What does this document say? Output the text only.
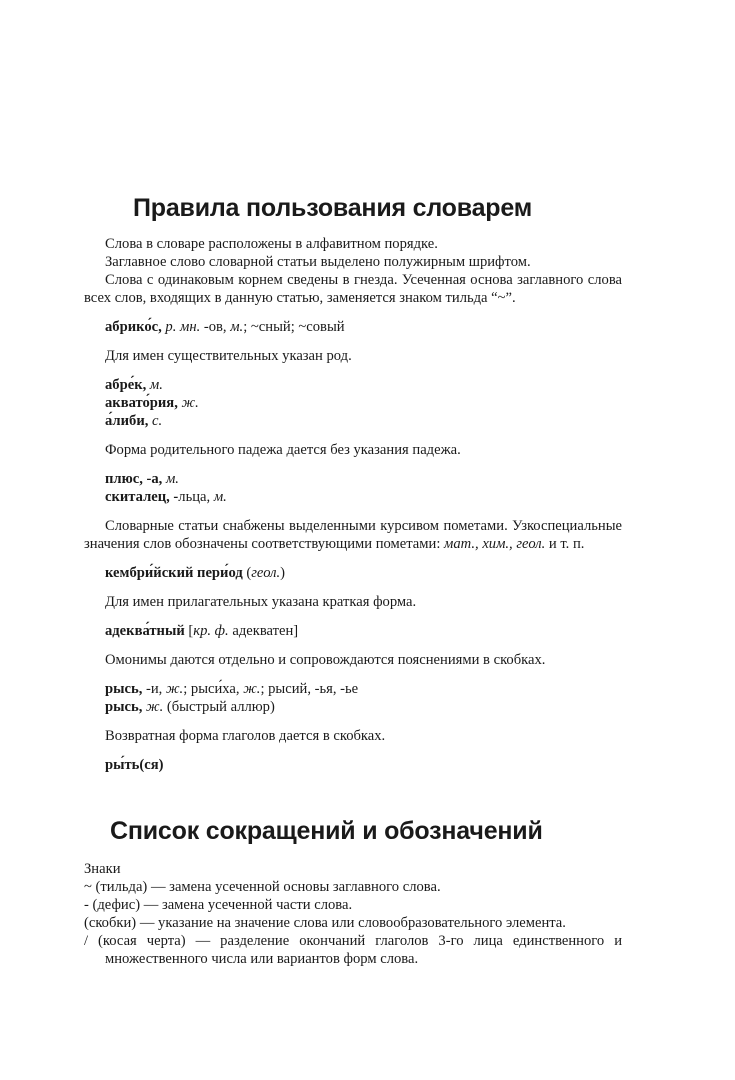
Правила пользования словарем

Слова в словаре расположены в алфавитном порядке.

Заглавное слово словарной статьи выделено полужирным шрифтом.

Слова с одинаковым корнем сведены в гнезда. Усеченная основа заглавного слова всех слов, входящих в данную статью, заменяется знаком тильда “~”.

абрико́с, р. мн. -ов, м.; ~сный; ~совый

Для имен существительных указан род.

абре́к, м.

аквато́рия, ж.

а́либи, с.

Форма родительного падежа дается без указания падежа.

плюс, -а, м.

скиталец, -льца, м.

Словарные статьи снабжены выделенными курсивом пометами. Узкоспециальные значения слов обозначены соответствующими пометами: мат., хим., геол. и т. п.

кембри́йский пери́од (геол.)

Для имен прилагательных указана краткая форма.

адеква́тный [кр. ф. адекватен]

Омонимы даются отдельно и сопровождаются пояснениями в скобках.

рысь, -и, ж.; рыси́ха, ж.; рысий, -ья, -ье

рысь, ж. (быстрый аллюр)

Возвратная форма глаголов дается в скобках.

ры́ть(ся)

Список сокращений и обозначений

Знаки

~ (тильда) — замена усеченной основы заглавного слова.

- (дефис) — замена усеченной части слова.

(скобки) — указание на значение слова или словообразовательного элемента.

/ (косая черта) — разделение окончаний глаголов 3-го лица единственного и множественного числа или вариантов форм слова.
